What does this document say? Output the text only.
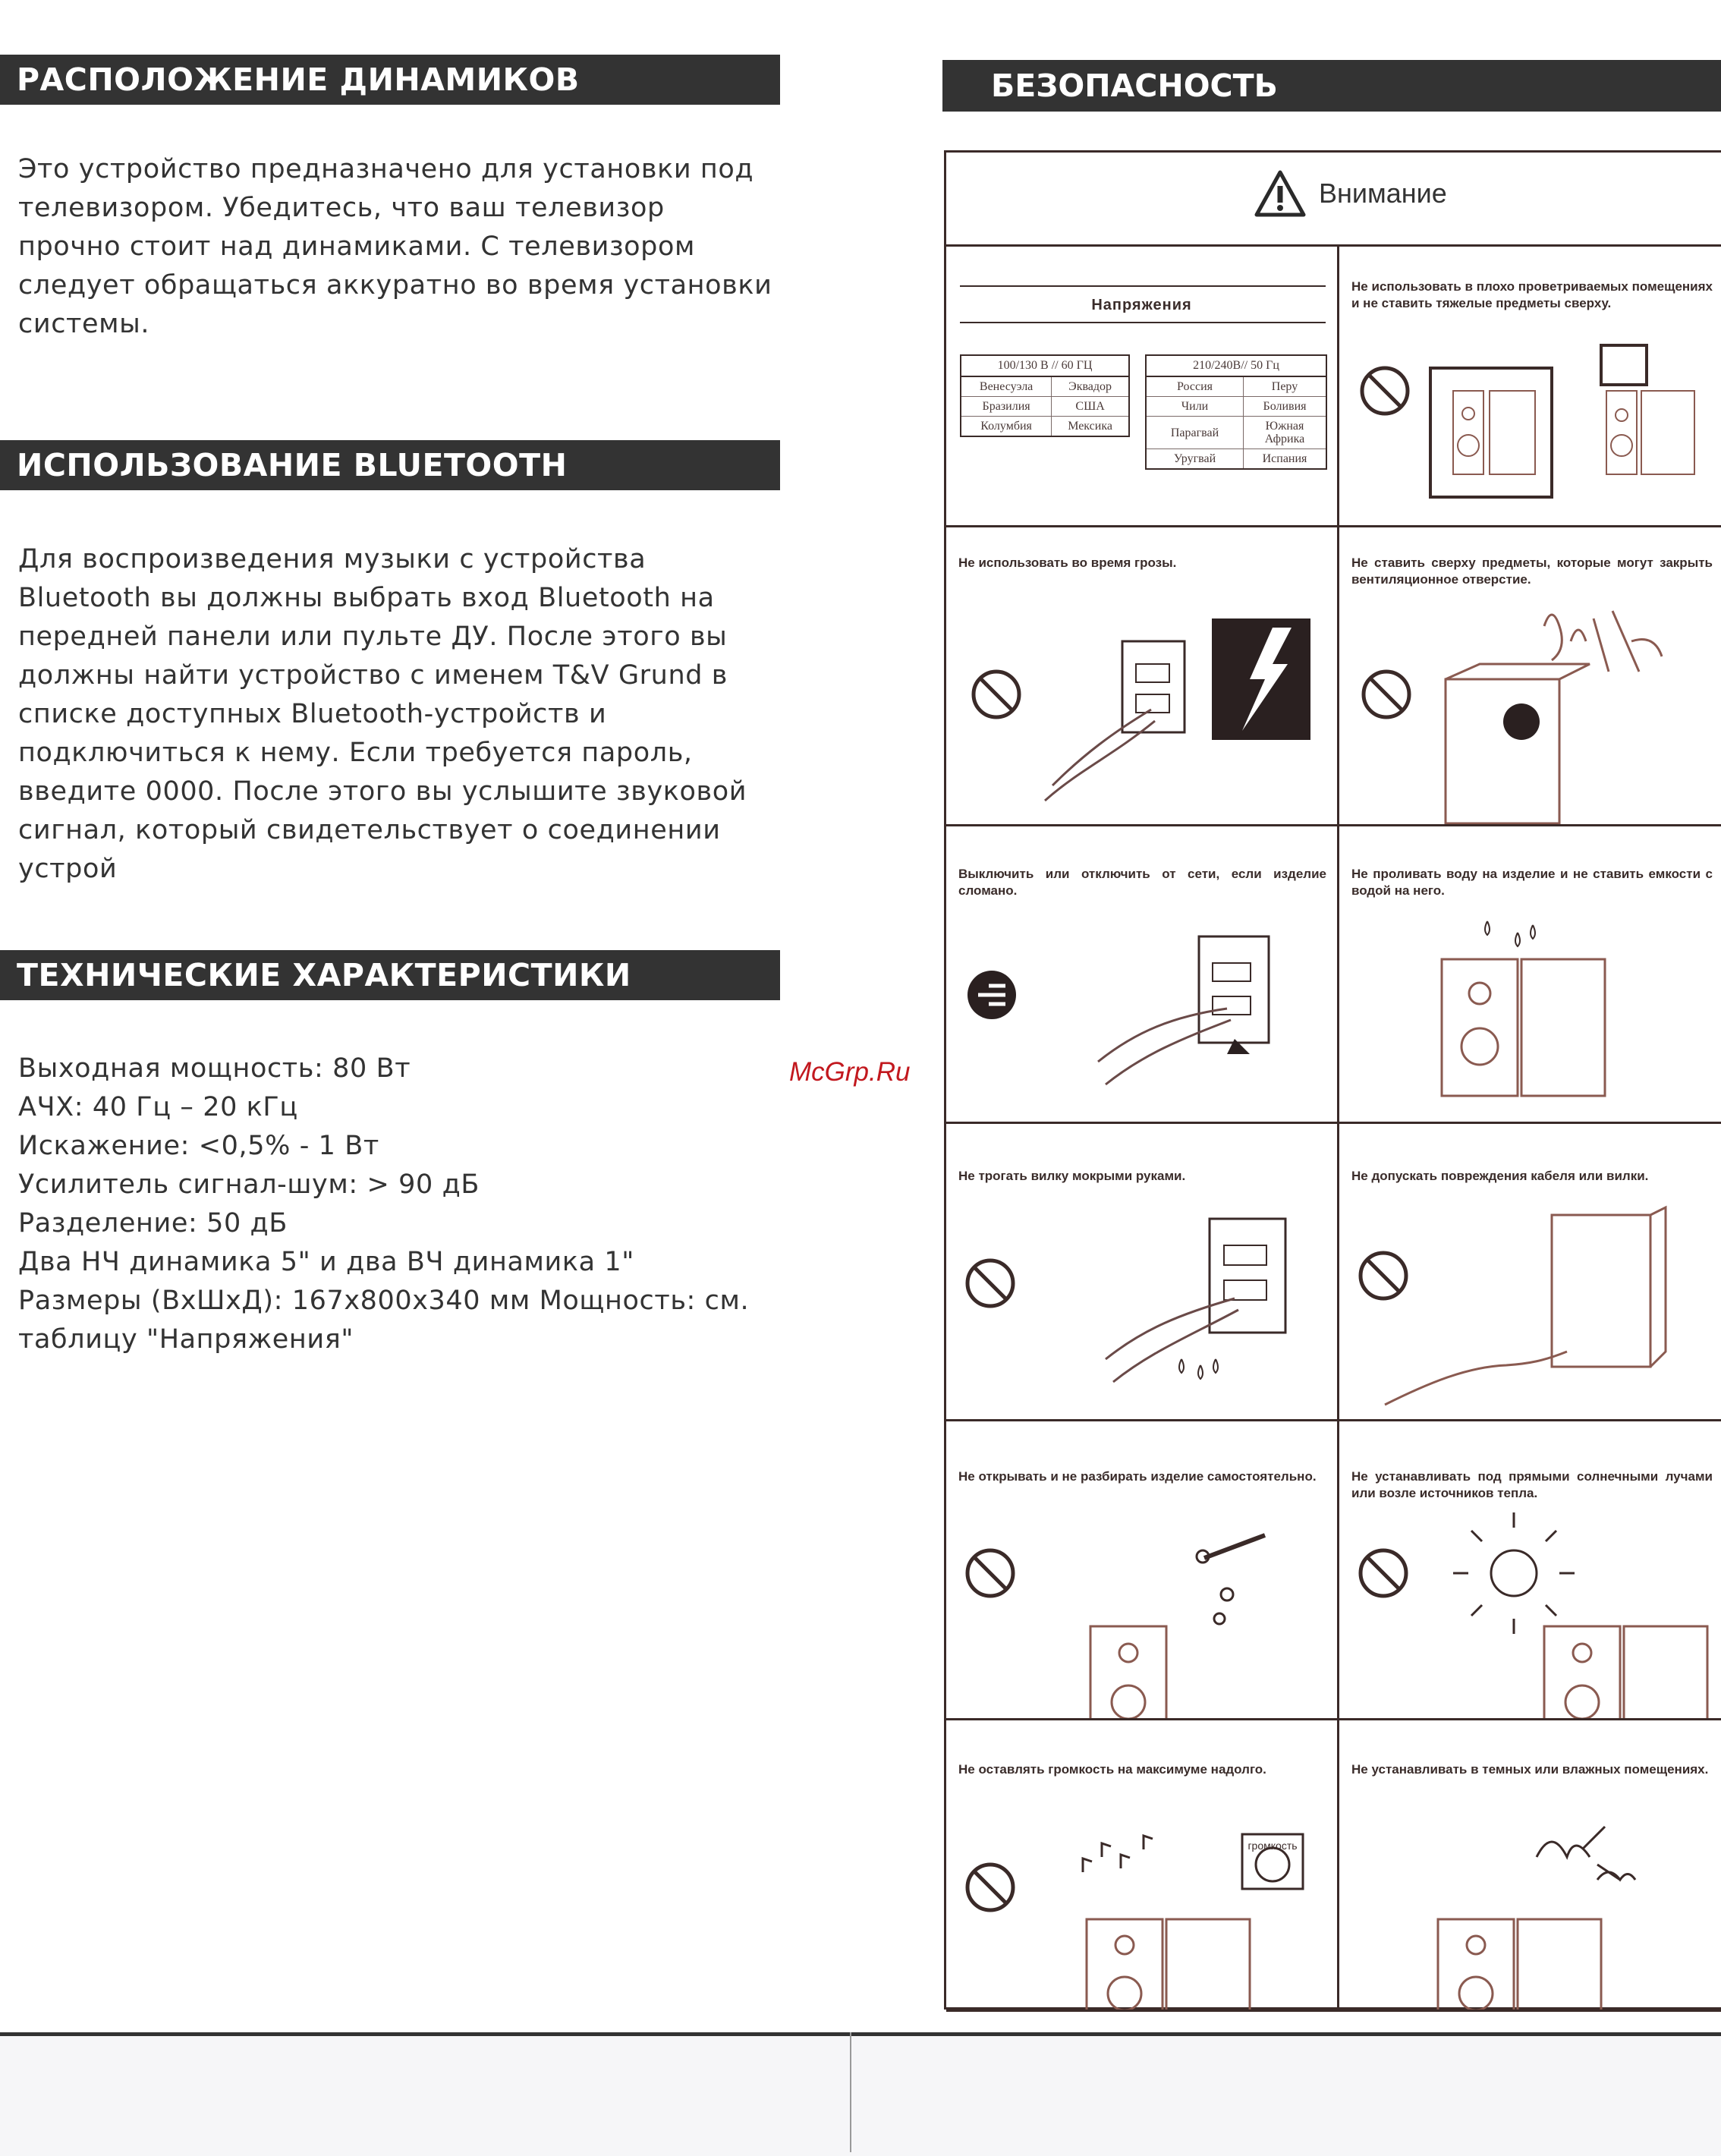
РАСПОЛОЖЕНИЕ ДИНАМИКОВ
Это устройство предназначено для установки под
телевизором. Убедитесь, что ваш телевизор
прочно стоит над динамиками. С телевизором
следует обращаться аккуратно во время установки
системы.
ИСПОЛЬЗОВАНИЕ BLUETOOTH
Для воспроизведения музыки с устройства
Bluetooth вы должны выбрать вход Bluetooth на
передней панели или пульте ДУ. После этого вы
должны найти устройство с именем T&V Grund в
списке доступных Bluetooth-устройств и
подключиться к нему. Если требуется пароль,
введите 0000. После этого вы услышите звуковой
сигнал, который свидетельствует о соединении
устрой
ТЕХНИЧЕСКИЕ ХАРАКТЕРИСТИКИ
Выходная мощность: 80 Вт
АЧХ: 40 Гц – 20 кГц
Искажение: <0,5% - 1 Вт
Усилитель сигнал-шум: > 90 дБ
Разделение: 50 дБ
Два НЧ динамика 5" и два ВЧ динамика 1"
Размеры (ВхШхД): 167х800х340 мм Мощность: см.
таблицу "Напряжения"
McGrp.Ru
БЕЗОПАСНОСТЬ
Внимание
Напряжения
100/130 В // 60 ГЦ	
Венесуэла	Эквадор
Бразилия	США
Колумбия	Мексика
210/240В// 50 Гц	
Россия	Перу
Чили	Боливия
Парагвай	Южная Африка
Уругвай	Испания
Не использовать в плохо проветриваемых помещениях и не ставить тяжелые предметы сверху.
Не использовать во время грозы.	Не ставить сверху предметы, которые могут закрыть вентиляционное отверстие.
Выключить или отключить от сети, если изделие сломано.
Не проливать воду на изделие и не ставить емкости с водой на него.
Не трогать вилку мокрыми руками.	Не допускать повреждения кабеля или вилки.
Не открывать и не разбирать изделие самостоятельно.	Не устанавливать под прямыми солнечными лучами или возле источников тепла.
Не оставлять громкость на максимуме надолго.
громкость
Не устанавливать в темных или влажных помещениях.
